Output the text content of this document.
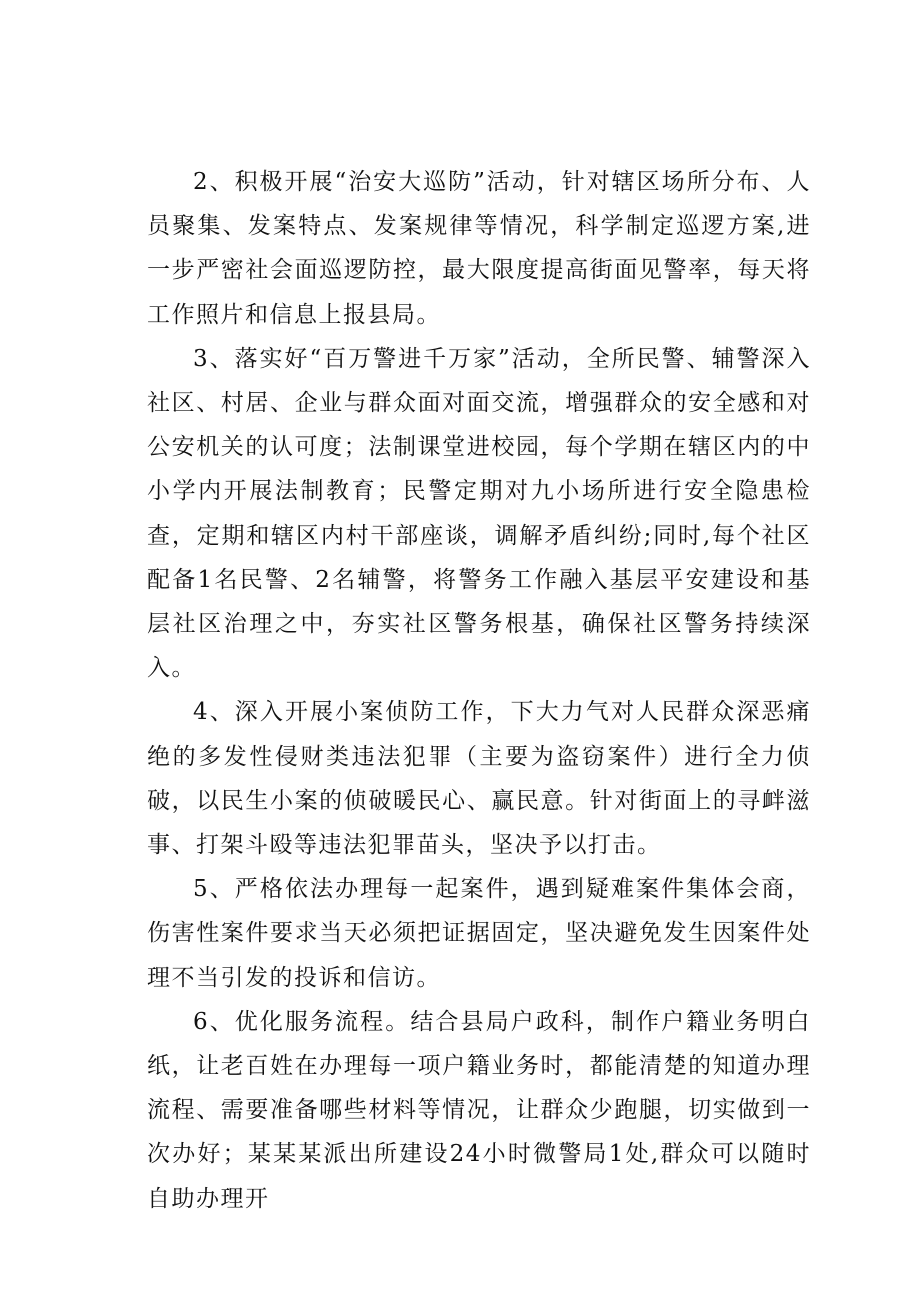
2、积极开展“治安大巡防”活动，针对辖区场所分布、人员聚集、发案特点、发案规律等情况，科学制定巡逻方案,进一步严密社会面巡逻防控，最大限度提高街面见警率，每天将工作照片和信息上报县局。

3、落实好“百万警进千万家”活动，全所民警、辅警深入社区、村居、企业与群众面对面交流，增强群众的安全感和对公安机关的认可度；法制课堂进校园，每个学期在辖区内的中小学内开展法制教育；民警定期对九小场所进行安全隐患检查，定期和辖区内村干部座谈，调解矛盾纠纷;同时,每个社区配备1名民警、2名辅警，将警务工作融入基层平安建设和基层社区治理之中，夯实社区警务根基，确保社区警务持续深入。

4、深入开展小案侦防工作，下大力气对人民群众深恶痛绝的多发性侵财类违法犯罪（主要为盗窃案件）进行全力侦破，以民生小案的侦破暖民心、赢民意。针对街面上的寻衅滋事、打架斗殴等违法犯罪苗头，坚决予以打击。

5、严格依法办理每一起案件，遇到疑难案件集体会商，伤害性案件要求当天必须把证据固定，坚决避免发生因案件处理不当引发的投诉和信访。

6、优化服务流程。结合县局户政科，制作户籍业务明白纸，让老百姓在办理每一项户籍业务时，都能清楚的知道办理流程、需要准备哪些材料等情况，让群众少跑腿，切实做到一次办好；某某某派出所建设24小时微警局1处,群众可以随时自助办理开
